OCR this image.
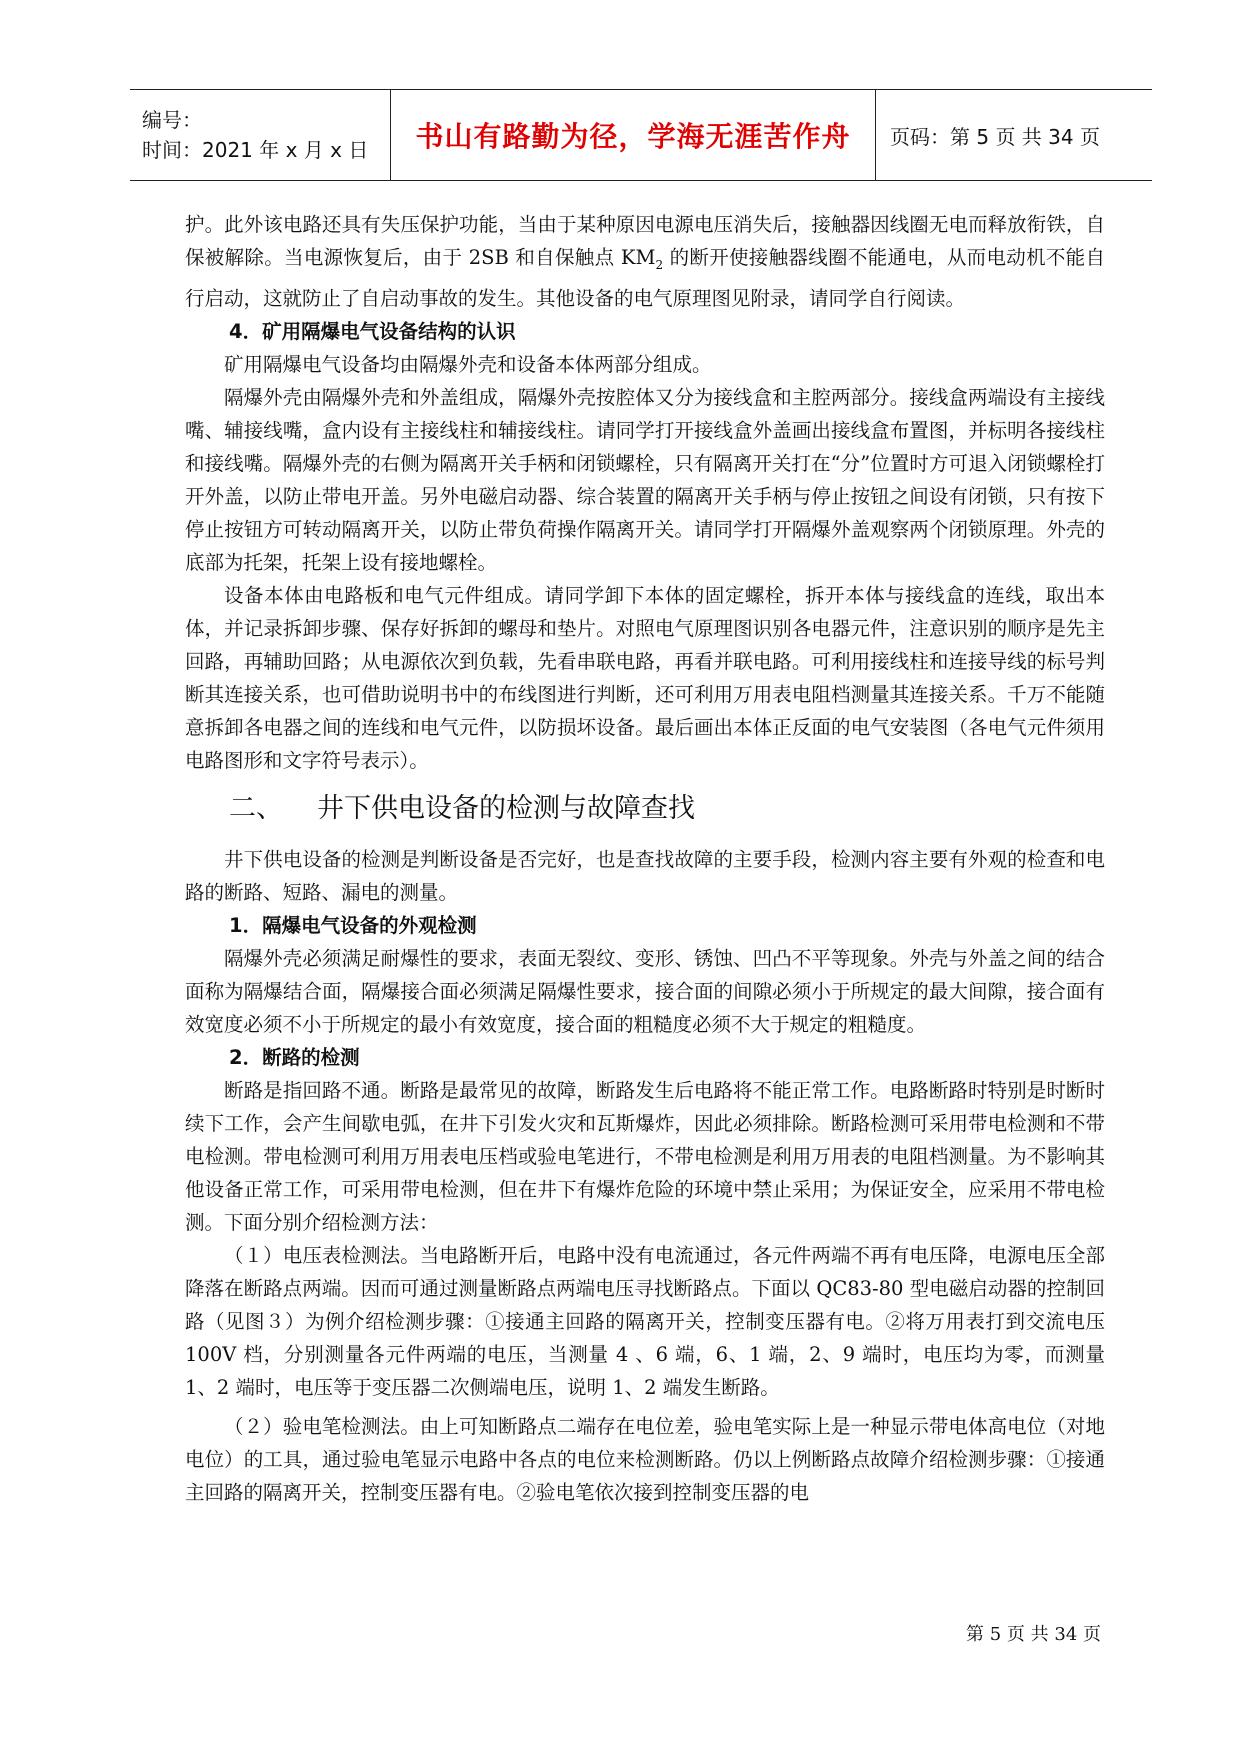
编号：
时间：2021 年 x 月 x 日	书山有路勤为径，学海无涯苦作舟 页码：第 5 页 共 34 页

护。此外该电路还具有失压保护功能，当由于某种原因电源电压消失后，接触器因线圈无电而释放衔铁，自保被解除。当电源恢复后，由于 2SB 和自保触点 $KM_2$ 的断开使接触器线圈不能通电，从而电动机不能自行启动，这就防止了自启动事故的发生。其他设备的电气原理图见附录，请同学自行阅读。

4．矿用隔爆电气设备结构的认识

矿用隔爆电气设备均由隔爆外壳和设备本体两部分组成。

隔爆外壳由隔爆外壳和外盖组成，隔爆外壳按腔体又分为接线盒和主腔两部分。接线盒两端设有主接线嘴、辅接线嘴，盒内设有主接线柱和辅接线柱。请同学打开接线盒外盖画出接线盒布置图，并标明各接线柱和接线嘴。隔爆外壳的右侧为隔离开关手柄和闭锁螺栓，只有隔离开关打在“分”位置时方可退入闭锁螺栓打开外盖，以防止带电开盖。另外电磁启动器、综合装置的隔离开关手柄与停止按钮之间设有闭锁，只有按下停止按钮方可转动隔离开关，以防止带负荷操作隔离开关。请同学打开隔爆外盖观察两个闭锁原理。外壳的底部为托架，托架上设有接地螺栓。

设备本体由电路板和电气元件组成。请同学卸下本体的固定螺栓，拆开本体与接线盒的连线，取出本体，并记录拆卸步骤、保存好拆卸的螺母和垫片。对照电气原理图识别各电器元件，注意识别的顺序是先主回路，再辅助回路；从电源依次到负载，先看串联电路，再看并联电路。可利用接线柱和连接导线的标号判断其连接关系，也可借助说明书中的布线图进行判断，还可利用万用表电阻档测量其连接关系。千万不能随意拆卸各电器之间的连线和电气元件，以防损坏设备。最后画出本体正反面的电气安装图（各电气元件须用电路图形和文字符号表示）。

二、 井下供电设备的检测与故障查找

井下供电设备的检测是判断设备是否完好，也是查找故障的主要手段，检测内容主要有外观的检查和电路的断路、短路、漏电的测量。

1．隔爆电气设备的外观检测

隔爆外壳必须满足耐爆性的要求，表面无裂纹、变形、锈蚀、凹凸不平等现象。外壳与外盖之间的结合面称为隔爆结合面，隔爆接合面必须满足隔爆性要求，接合面的间隙必须小于所规定的最大间隙，接合面有效宽度必须不小于所规定的最小有效宽度，接合面的粗糙度必须不大于规定的粗糙度。

2．断路的检测

断路是指回路不通。断路是最常见的故障，断路发生后电路将不能正常工作。电路断路时特别是时断时续下工作，会产生间歇电弧，在井下引发火灾和瓦斯爆炸，因此必须排除。断路检测可采用带电检测和不带电检测。带电检测可利用万用表电压档或验电笔进行，不带电检测是利用万用表的电阻档测量。为不影响其他设备正常工作，可采用带电检测，但在井下有爆炸危险的环境中禁止采用；为保证安全，应采用不带电检测。下面分别介绍检测方法：

（１）电压表检测法。当电路断开后，电路中没有电流通过，各元件两端不再有电压降，电源电压全部降落在断路点两端。因而可通过测量断路点两端电压寻找断路点。下面以 QC83-80 型电磁启动器的控制回路（见图３）为例介绍检测步骤：①接通主回路的隔离开关，控制变压器有电。②将万用表打到交流电压 100V 档，分别测量各元件两端的电压，当测量 4 、6 端，6、1 端，2、9 端时，电压均为零，而测量 1、2 端时，电压等于变压器二次侧端电压，说明 1、2 端发生断路。

（２）验电笔检测法。由上可知断路点二端存在电位差，验电笔实际上是一种显示带电体高电位（对地电位）的工具，通过验电笔显示电路中各点的电位来检测断路。仍以上例断路点故障介绍检测步骤：①接通主回路的隔离开关，控制变压器有电。②验电笔依次接到控制变压器的电

第 5 页 共 34 页
